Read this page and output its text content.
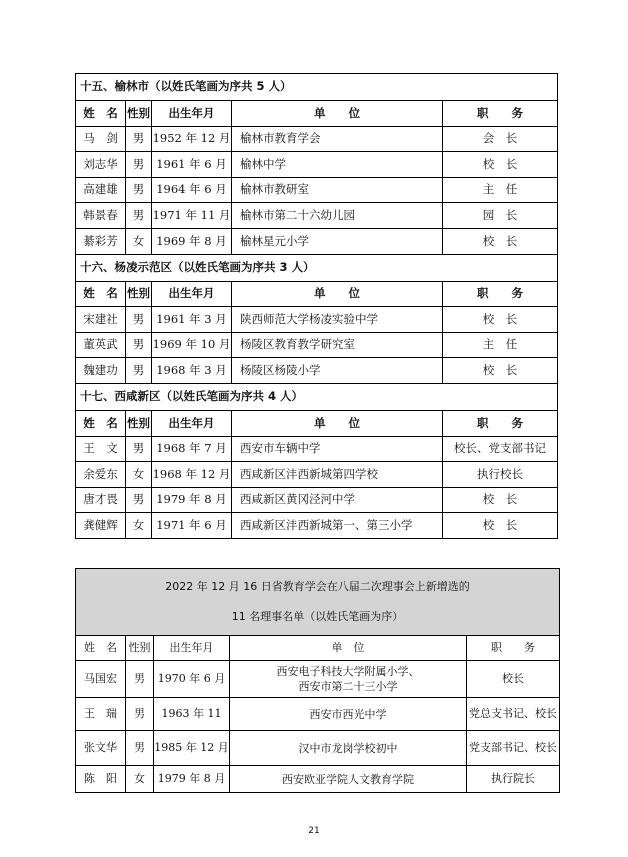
十五、榆林市（以姓氏笔画为序共 5 人）				
姓　名	性别	出生年月	单　　位	职　　务
马　剑	男	1952 年 12 月	榆林市教育学会	会　长
刘志华	男	1961 年 6 月	榆林中学	校　长
高建雄	男	1964 年 6 月	榆林市教研室	主　任
韩景春	男	1971 年 11 月	榆林市第二十六幼儿园	园　长
綦彩芳	女	1969 年 8 月	榆林星元小学	校　长
十六、杨凌示范区（以姓氏笔画为序共 3 人）				
姓　名	性别	出生年月	单　　位	职　　务
宋建社	男	1961 年 3 月	陕西师范大学杨凌实验中学	校　长
董英武	男	1969 年 10 月	杨陵区教育教学研究室	主　任
魏建功	男	1968 年 3 月	杨陵区杨陵小学	校　长
十七、西咸新区（以姓氏笔画为序共 4 人）				
姓　名	性别	出生年月	单　　位	职　　务
王　文	男	1968 年 7 月	西安市车辆中学	校长、党支部书记
余爱东	女	1968 年 12 月	西咸新区沣西新城第四学校	执行校长
唐才畏	男	1979 年 8 月	西咸新区黄冈泾河中学	校　长
龚健辉	女	1971 年 6 月	西咸新区沣西新城第一、第三小学	校　长
2022 年 12 月 16 日省教育学会在八届二次理事会上新增选的
11 名理事名单（以姓氏笔画为序）				

姓　名	性别	出生年月	单　位	职　　务
马国宏	男	1970 年 6 月	西安电子科技大学附属小学、
西安市第二十三小学	校长
王　瑞	男	1963 年 11	西安市西光中学	党总支书记、校长
张文华	男	1985 年 12 月	汉中市龙岗学校初中	党支部书记、校长
陈　阳	女	1979 年 8 月	西安欧亚学院人文教育学院	执行院长
21
